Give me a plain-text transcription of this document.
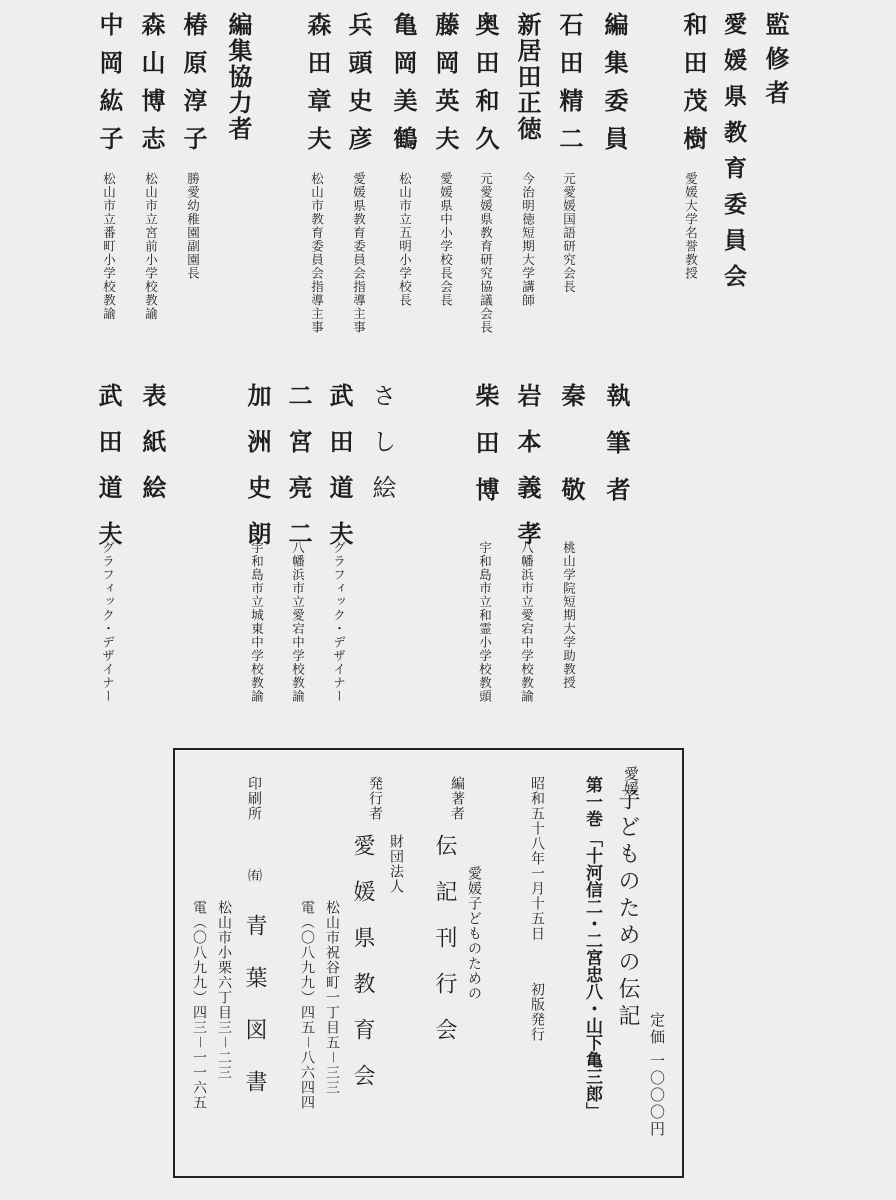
監修者
愛媛県教育委員会
和田茂樹
愛媛大学名誉教授
編集委員
石田精二
元愛媛国語研究会長
新居田正徳
今治明徳短期大学講師
奥田和久
元愛媛県教育研究協議会長
藤岡英夫
愛媛県中小学校長会長
亀岡美鶴
松山市立五明小学校長
兵頭史彦
愛媛県教育委員会指導主事
森田章夫
松山市教育委員会指導主事
編集協力者
椿原淳子
勝愛幼稚園副園長
森山博志
松山市立宮前小学校教諭
中岡紘子
松山市立番町小学校教諭
執筆者
秦敬
桃山学院短期大学助教授
岩本義孝
八幡浜市立愛宕中学校教諭
柴田博
宇和島市立和霊小学校教頭
さし絵
武田道夫
グラフィック・デザイナー
二宮亮二
八幡浜市立愛宕中学校教諭
加洲史朗
宇和島市立城東中学校教諭
表紙絵
武田道夫
グラフィック・デザイナー
愛媛
子どものための伝記
定価 一〇〇〇円
第一巻
「十河信二・二宮忠八・山下亀三郎」
昭和五十八年一月十五日
初版発行
編著者
愛媛子どものための
伝記刊行会
発行者
財団法人
愛媛県教育会
松山市祝谷町一丁目五－三三
電（〇八九九）四五－八六四四
印刷所
㈲
青葉図書
松山市小栗六丁目三－二三
電（〇八九九）四三－一一六五
